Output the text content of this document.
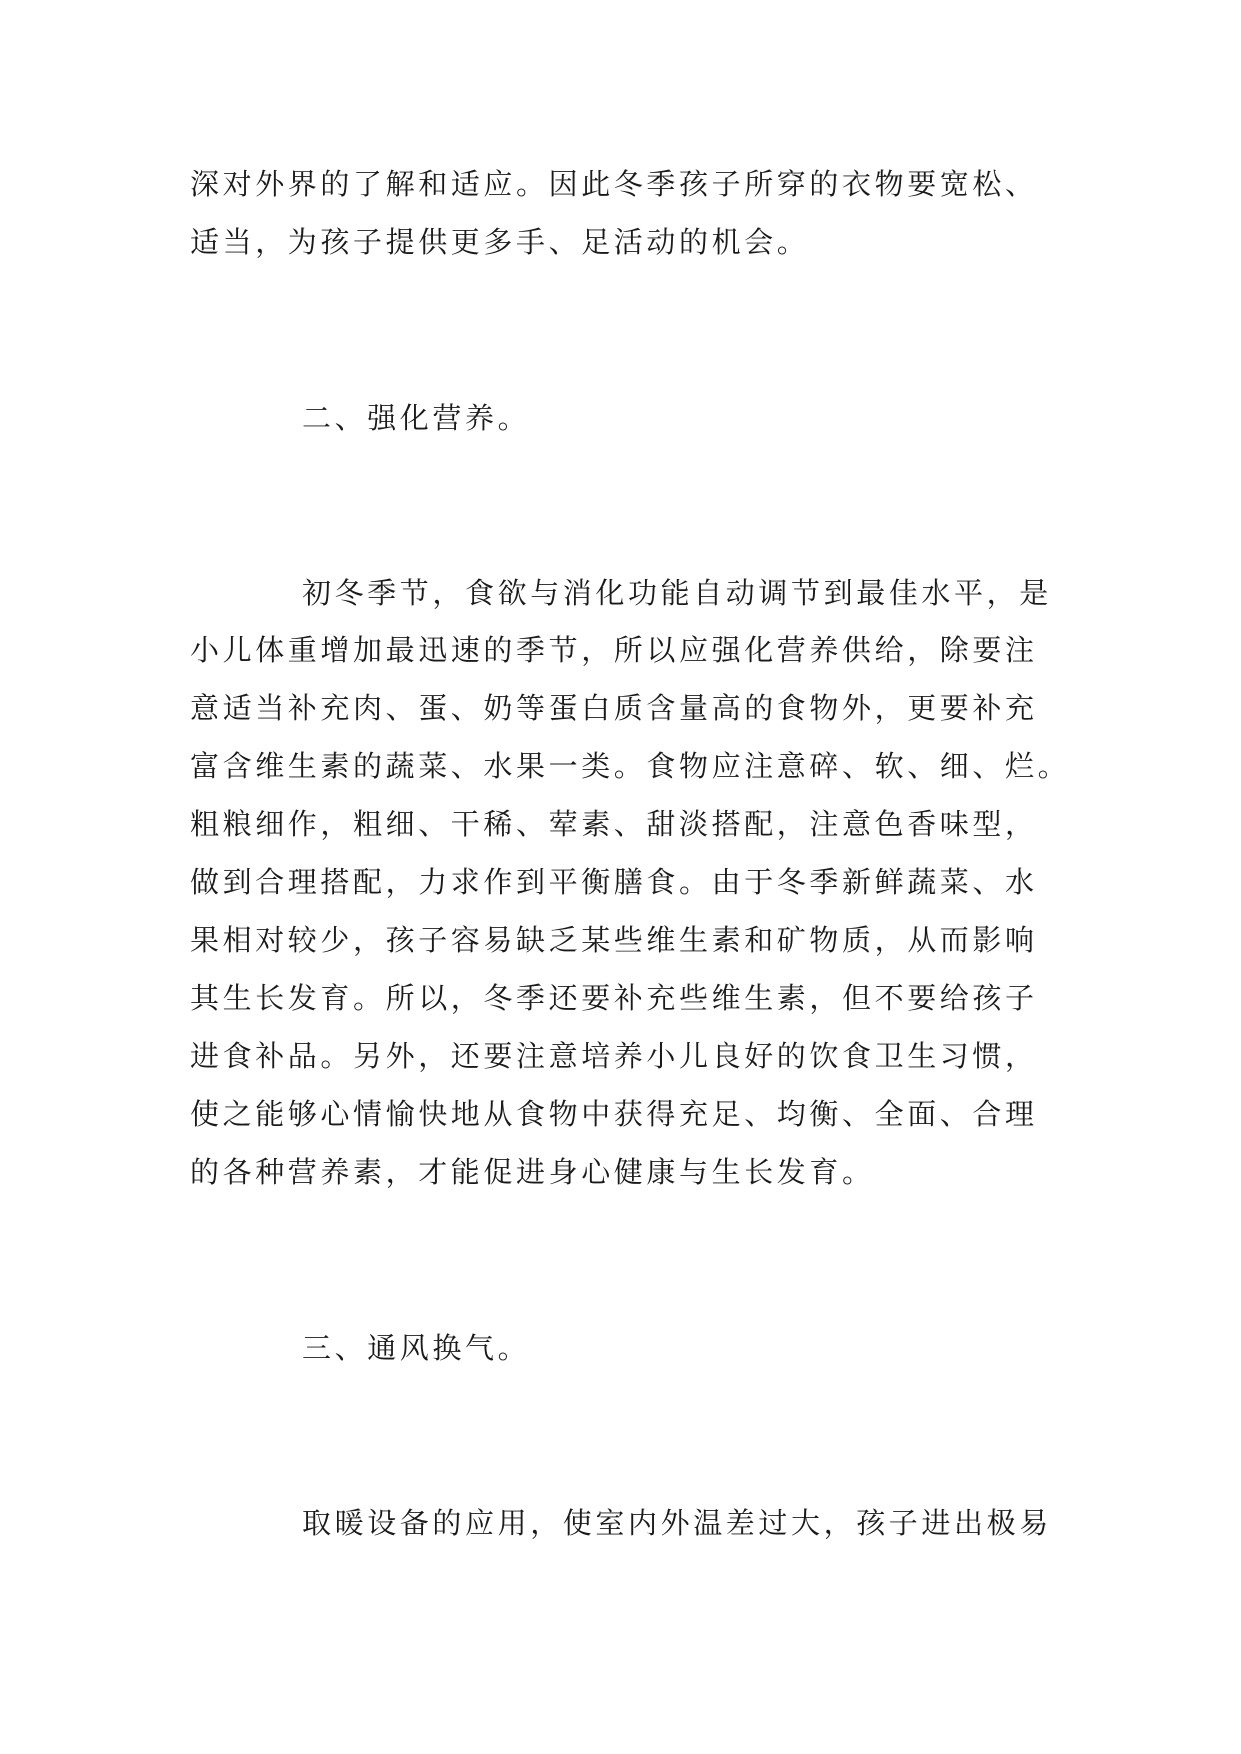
深对外界的了解和适应。因此冬季孩子所穿的衣物要宽松、

适当，为孩子提供更多手、足活动的机会。

二、强化营养。

初冬季节，食欲与消化功能自动调节到最佳水平，是

小儿体重增加最迅速的季节，所以应强化营养供给，除要注

意适当补充肉、蛋、奶等蛋白质含量高的食物外，更要补充

富含维生素的蔬菜、水果一类。食物应注意碎、软、细、烂。

粗粮细作，粗细、干稀、荤素、甜淡搭配，注意色香味型，

做到合理搭配，力求作到平衡膳食。由于冬季新鲜蔬菜、水

果相对较少，孩子容易缺乏某些维生素和矿物质，从而影响

其生长发育。所以，冬季还要补充些维生素，但不要给孩子

进食补品。另外，还要注意培养小儿良好的饮食卫生习惯，

使之能够心情愉快地从食物中获得充足、均衡、全面、合理

的各种营养素，才能促进身心健康与生长发育。

三、通风换气。

取暖设备的应用，使室内外温差过大，孩子进出极易
